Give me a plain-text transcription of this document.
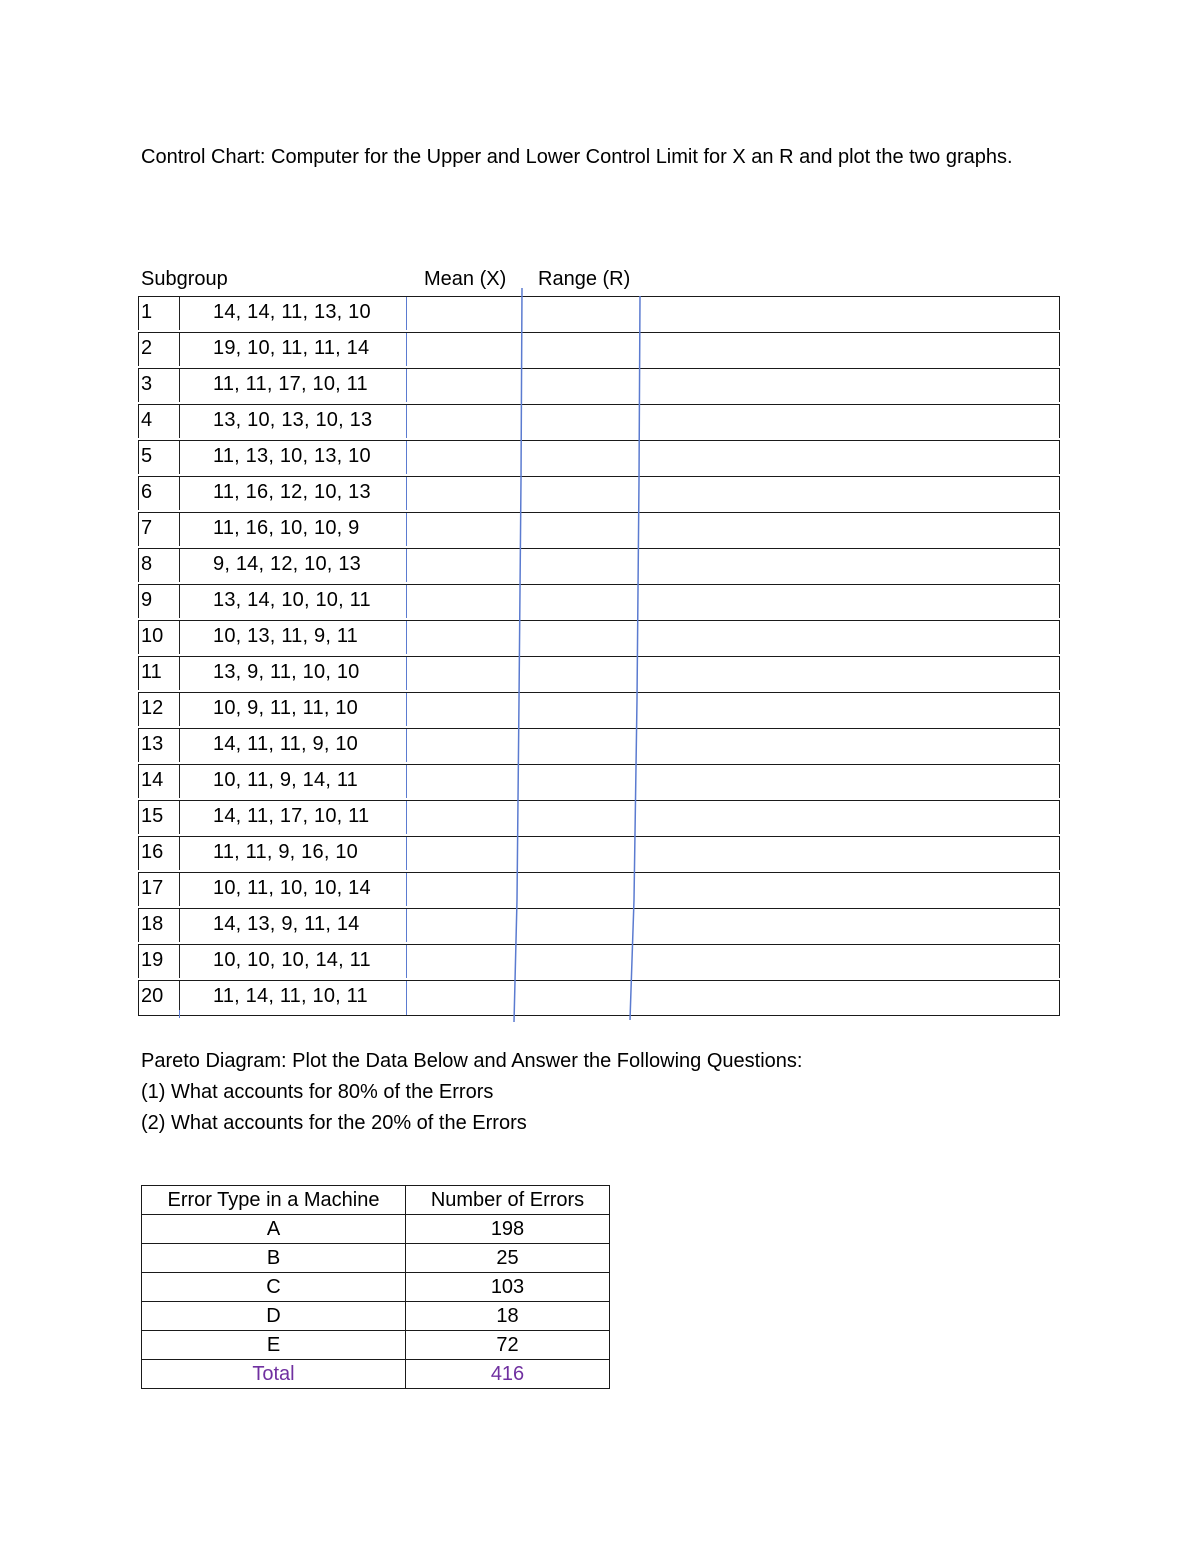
Control Chart: Computer for the Upper and Lower Control Limit for X an R and plot the two graphs.

Subgroup	Mean (X) Range (R)
1	14, 14, 11, 13, 10
2	19, 10, 11, 11, 14
3	11, 11, 17, 10, 11
4	13, 10, 13, 10, 13
5	11, 13, 10, 13, 10
6	11, 16, 12, 10, 13
7	11, 16, 10, 10, 9
8	9, 14, 12, 10, 13
9	13, 14, 10, 10, 11
10 10, 13, 11, 9, 11
11	13, 9, 11, 10, 10
12 10, 9, 11, 11, 10
13 14, 11, 11, 9, 10
14 10, 11, 9, 14, 11
15 14, 11, 17, 10, 11
16 11, 11, 9, 16, 10
17 10, 11, 10, 10, 14
18 14, 13, 9, 11, 14
19 10, 10, 10, 14, 11
20 11, 14, 11, 10, 11

Pareto Diagram: Plot the Data Below and Answer the Following Questions:

(1) What accounts for 80% of the Errors

(2) What accounts for the 20% of the Errors

Error Type in a Machine	Number of Errors
A	198
B	25
C	103
D	18
E	72
Total	416
